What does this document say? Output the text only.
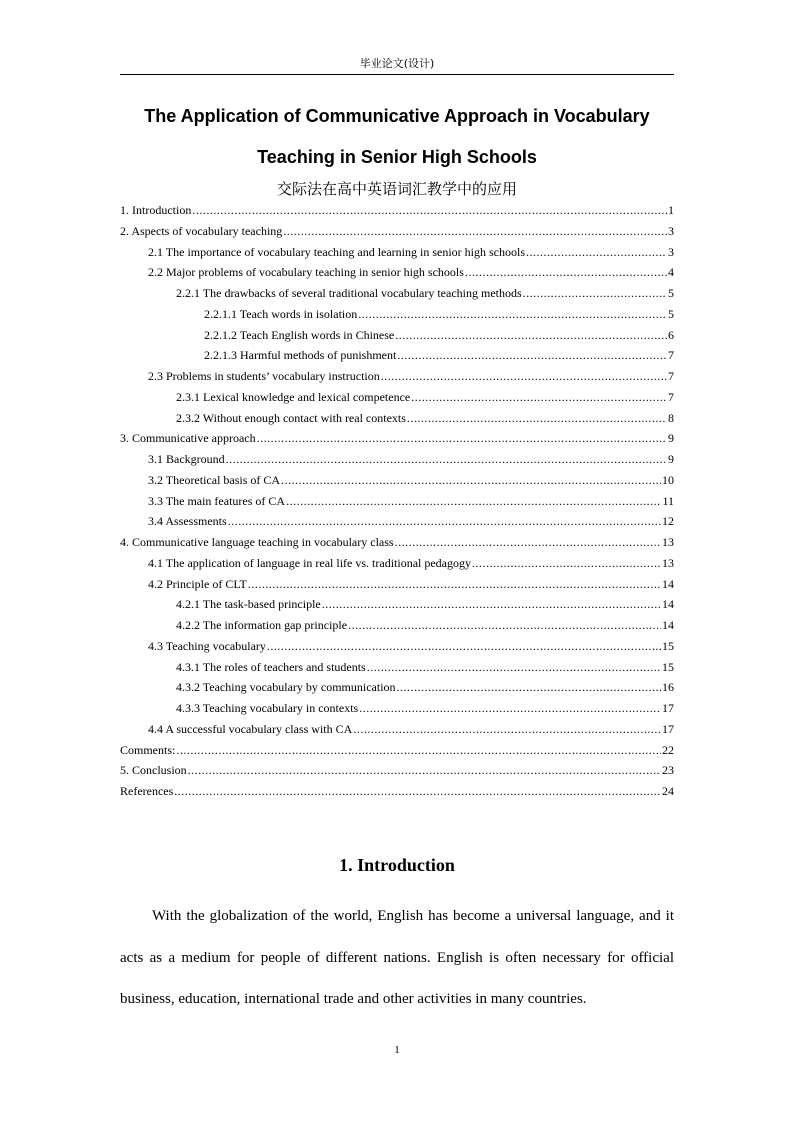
毕业论文(设计)
The Application of Communicative Approach in Vocabulary
Teaching in Senior High Schools
交际法在高中英语词汇教学中的应用
1. Introduction .....	1
2. Aspects of vocabulary teaching .....	3
2.1 The importance of vocabulary teaching and learning in senior high schools .....	3
2.2 Major problems of vocabulary teaching in senior high schools .....	4
2.2.1 The drawbacks of several traditional vocabulary teaching methods .....	5
2.2.1.1 Teach words in isolation .....	5
2.2.1.2 Teach English words in Chinese .....	6
2.2.1.3 Harmful methods of punishment .....	7
2.3 Problems in students’ vocabulary instruction .....	7
2.3.1 Lexical knowledge and lexical competence .....	7
2.3.2 Without enough contact with real contexts .....	8
3. Communicative approach .....	9
3.1 Background .....	9
3.2 Theoretical basis of CA .....	10
3.3 The main features of CA .....	11
3.4 Assessments .....	12
4. Communicative language teaching in vocabulary class .....	13
4.1 The application of language in real life vs. traditional pedagogy .....	13
4.2 Principle of CLT .....	14
4.2.1 The task-based principle .....	14
4.2.2 The information gap principle .....	14
4.3 Teaching vocabulary .....	15
4.3.1 The roles of teachers and students .....	15
4.3.2 Teaching vocabulary by communication .....	16
4.3.3 Teaching vocabulary in contexts .....	17
4.4 A successful vocabulary class with CA .....	17
Comments: .....	22
5. Conclusion .....	23
References .....	24
1. Introduction

With the globalization of the world, English has become a universal language, and it acts as a medium for people of different nations. English is often necessary for official business, education, international trade and other activities in many countries.

1
